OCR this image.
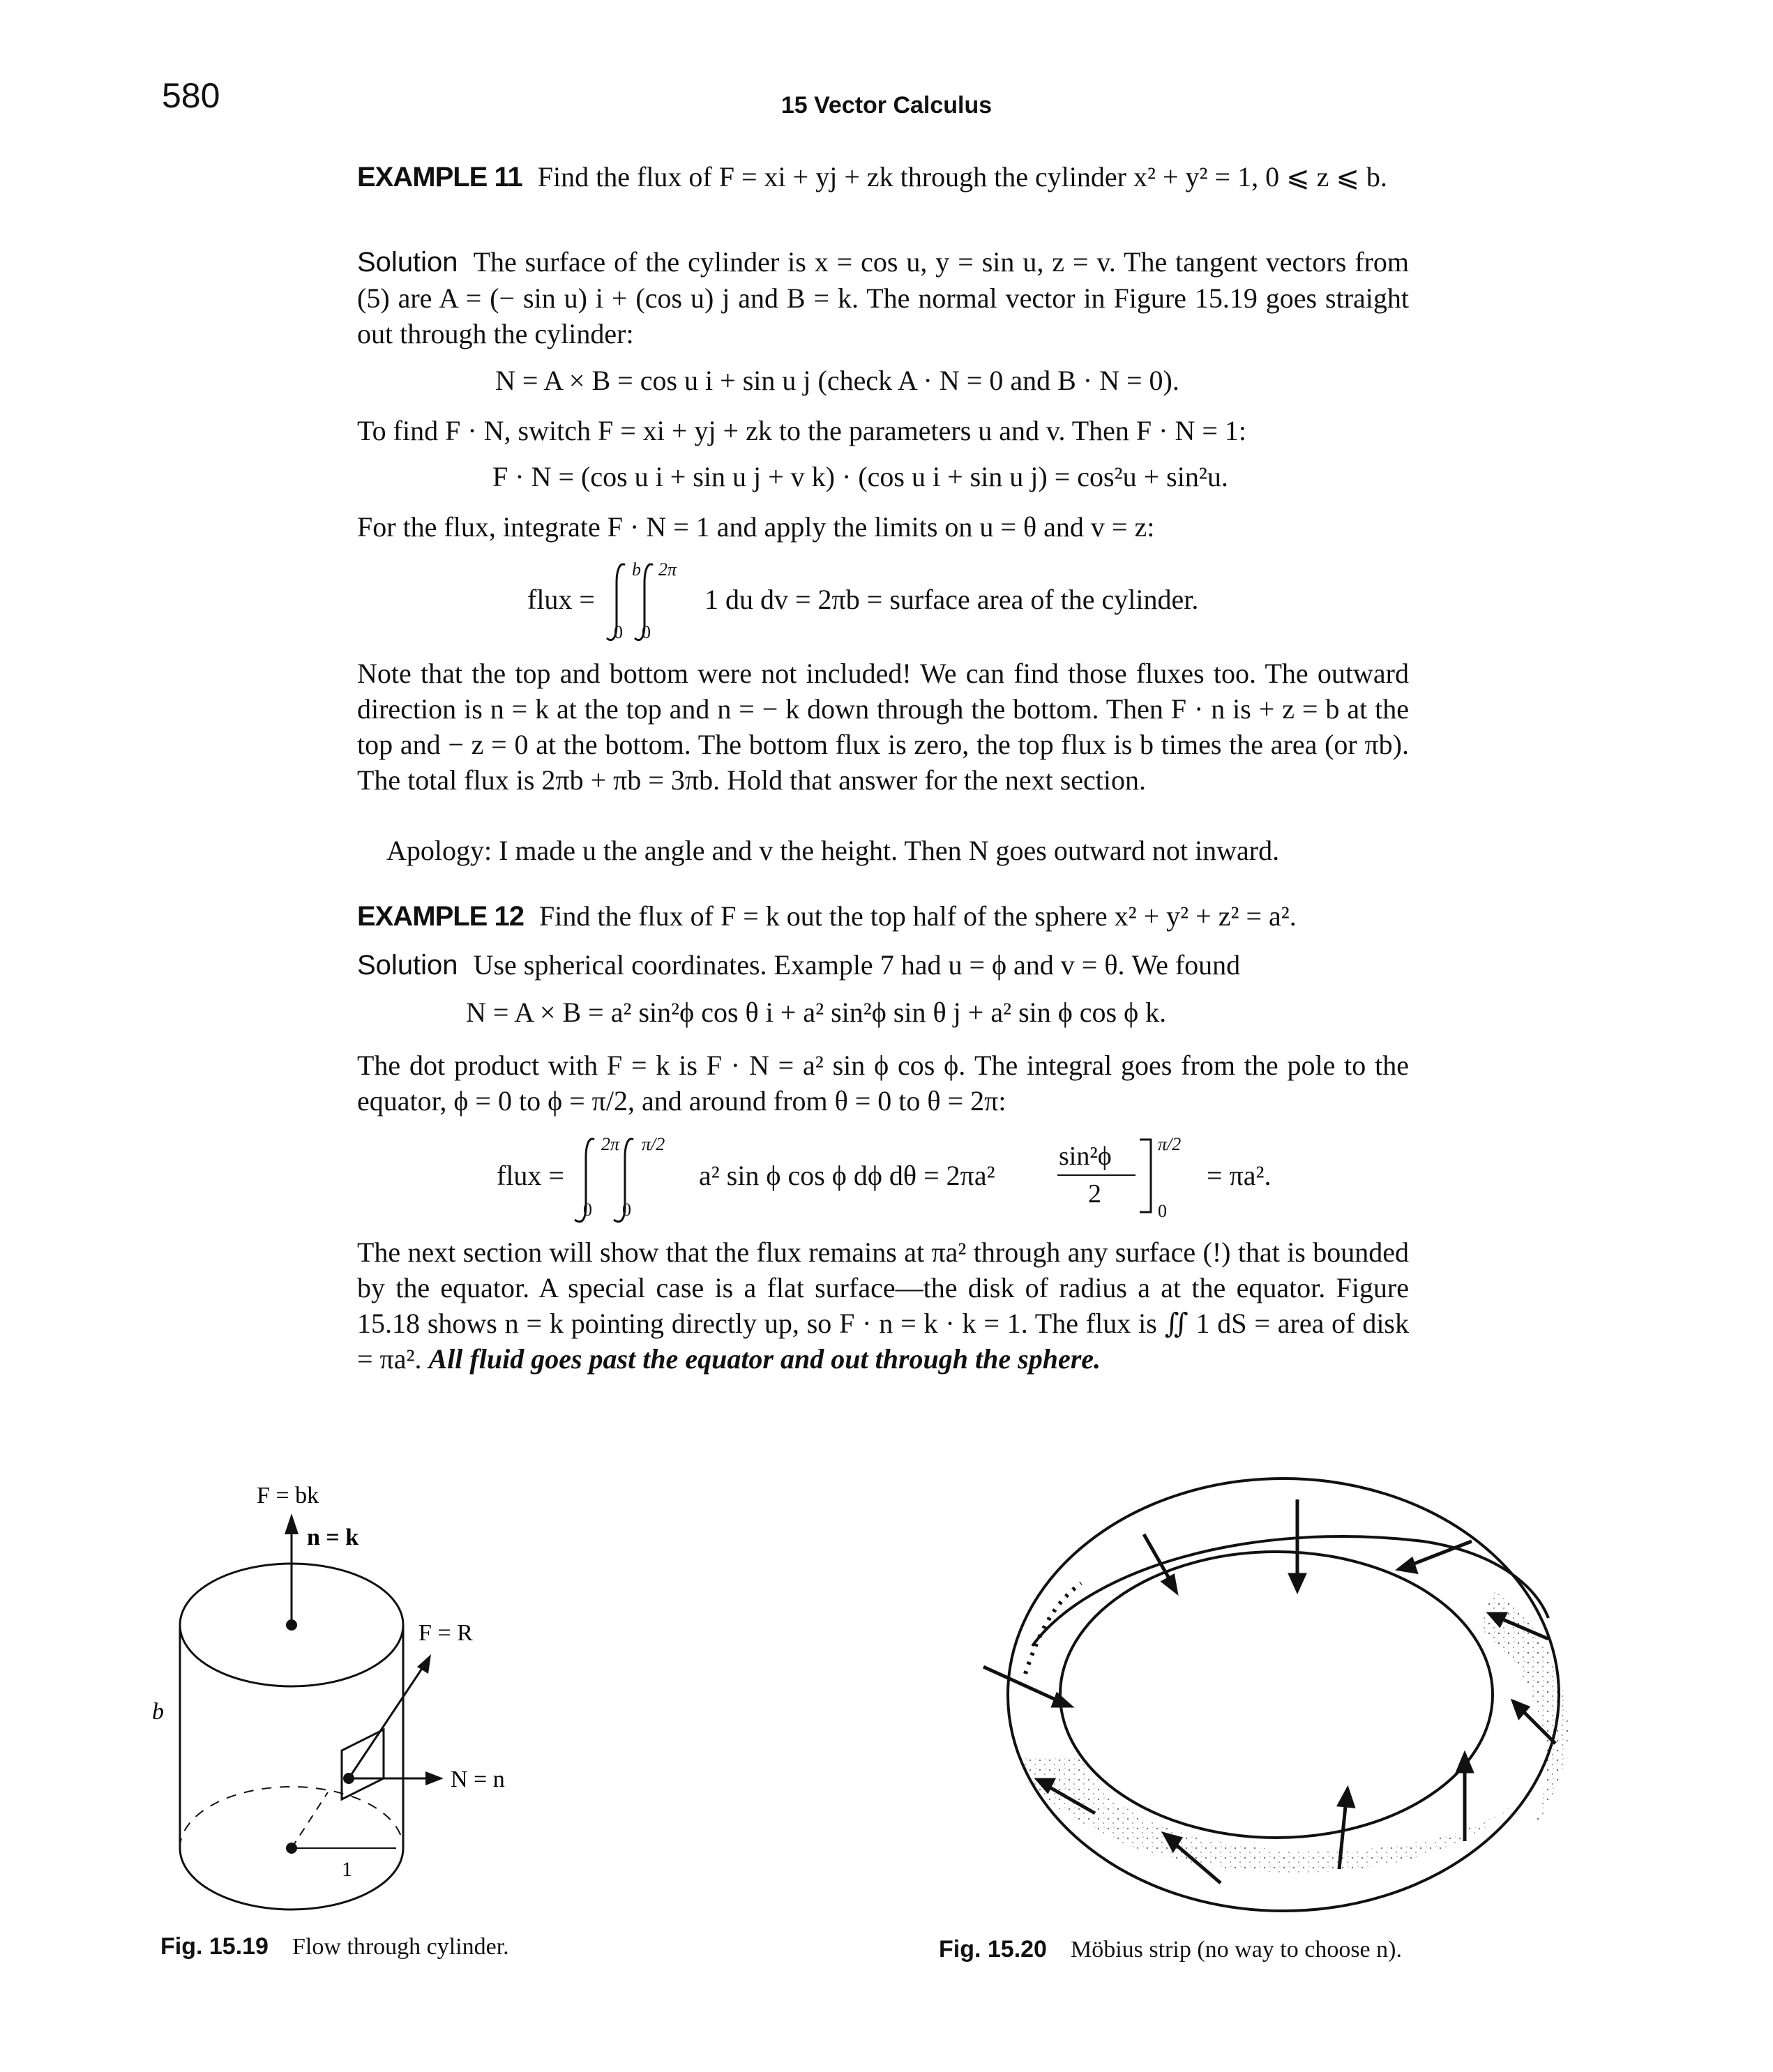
580	15 Vector Calculus

EXAMPLE 11 Find the flux of F = xi + yj + zk through the cylinder x² + y² = 1, 0 ⩽ z ⩽ b.

Solution The surface of the cylinder is x = cos u, y = sin u, z = v. The tangent vectors from (5) are A = (− sin u) i + (cos u) j and B = k. The normal vector in Figure 15.19 goes straight out through the cylinder:

N = A × B = cos u i + sin u j (check A · N = 0 and B · N = 0).
To find F · N, switch F = xi + yj + zk to the parameters u and v. Then F · N = 1:
F · N = (cos u i + sin u j + v k) · (cos u i + sin u j) = cos²u + sin²u.
For the flux, integrate F · N = 1 and apply the limits on u = θ and v = z:
flux =
b 2π
0 0
1 du dv = 2πb = surface area of the cylinder.

Note that the top and bottom were not included! We can find those fluxes too. The outward direction is n = k at the top and n = − k down through the bottom. Then F · n is + z = b at the top and − z = 0 at the bottom. The bottom flux is zero, the top flux is b times the area (or πb). The total flux is 2πb + πb = 3πb. Hold that answer for the next section.

Apology: I made u the angle and v the height. Then N goes outward not inward.

EXAMPLE 12 Find the flux of F = k out the top half of the sphere x² + y² + z² = a².

Solution Use spherical coordinates. Example 7 had u = ϕ and v = θ. We found

N = A × B = a² sin²ϕ cos θ i + a² sin²ϕ sin θ j + a² sin ϕ cos ϕ k.

The dot product with F = k is F · N = a² sin ϕ cos ϕ. The integral goes from the pole to the equator, ϕ = 0 to ϕ = π/2, and around from θ = 0 to θ = 2π:

flux =
2π π/2
0 0
a² sin ϕ cos ϕ dϕ dθ = 2πa²
sin²ϕ
2
π/2
0
= πa².

The next section will show that the flux remains at πa² through any surface (!) that is bounded by the equator. A special case is a flat surface—the disk of radius a at the equator. Figure 15.18 shows n = k pointing directly up, so F · n = k · k = 1. The flux is ∬ 1 dS = area of disk = πa². All fluid goes past the equator and out through the sphere.

F = bk
n = k
F = R
N = n
b
1
Fig. 15.19 Flow through cylinder.	Fig. 15.20 Möbius strip (no way to choose n).
